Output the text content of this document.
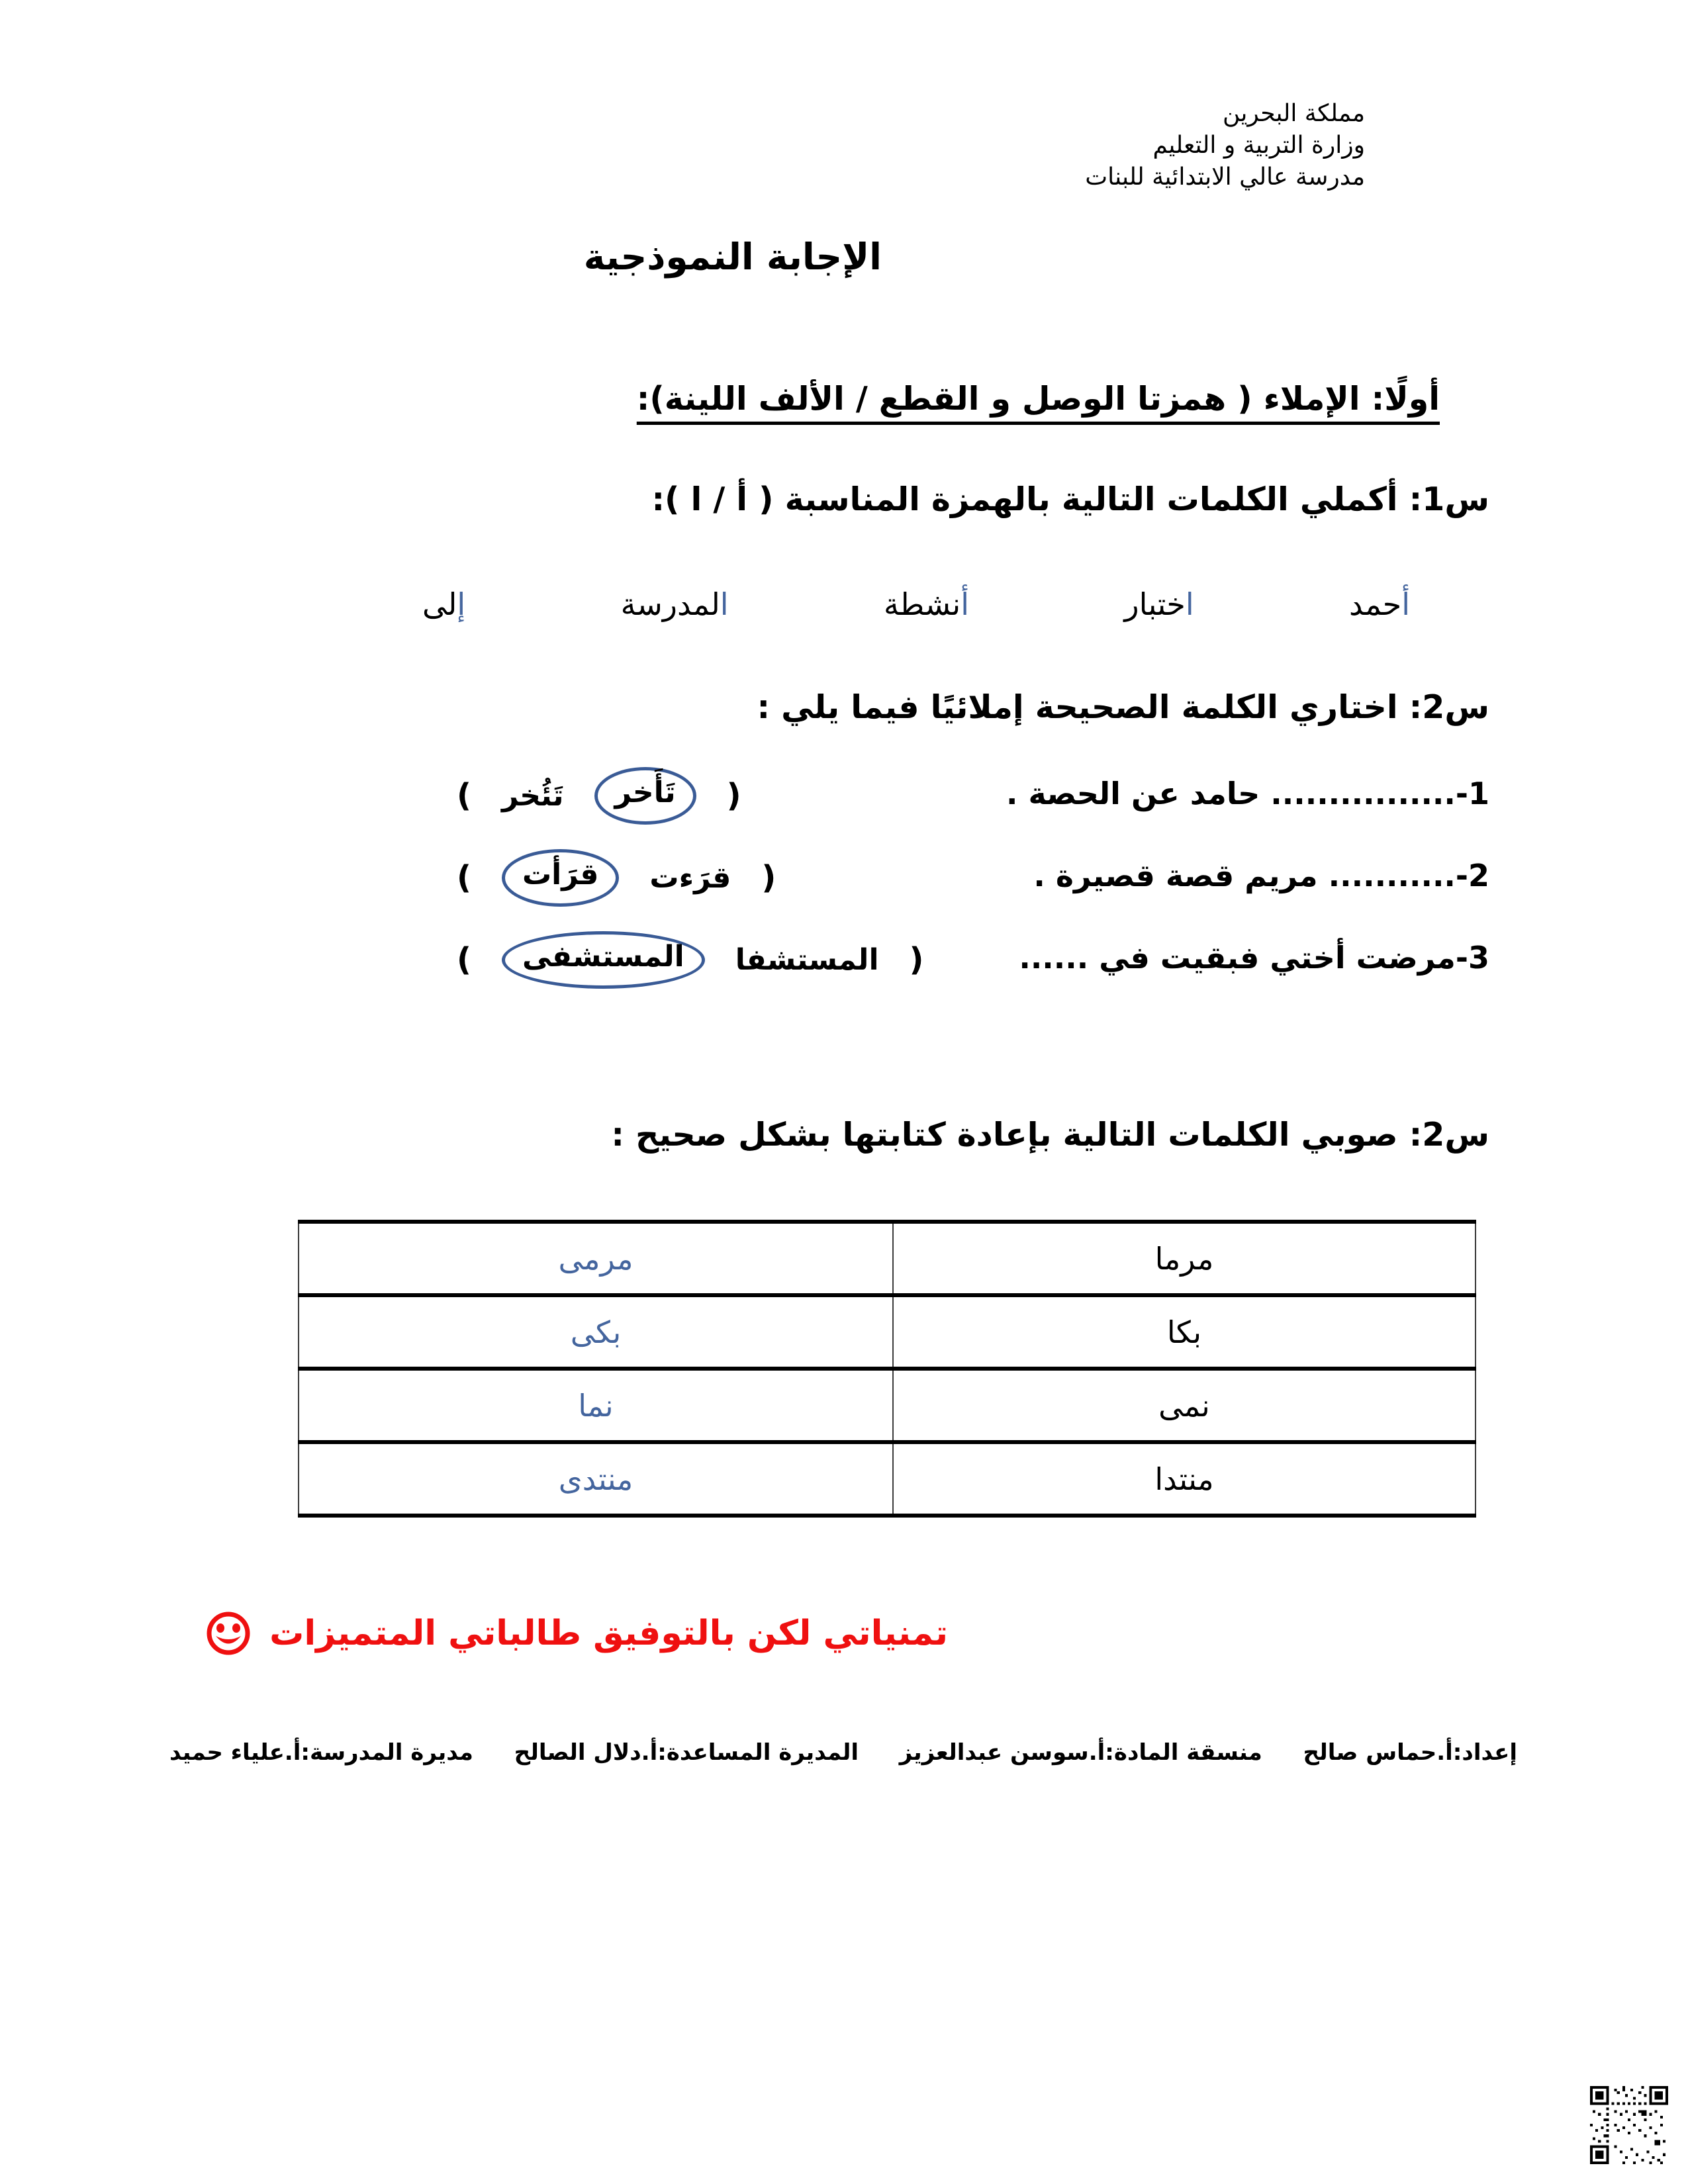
مملكة البحرين
وزارة التربية و التعليم
مدرسة عالي الابتدائية للبنات
الإجابة النموذجية
أولًا: الإملاء ( همزتا الوصل و القطع / الألف اللينة):
س1: أكملي الكلمات التالية بالهمزة المناسبة ( أ / ا ):
أحمد
اختبار
أنشطة
المدرسة
إلى
س2: اختاري الكلمة الصحيحة إملائيًا فيما يلي :
1-................ حامد عن الحصة .
(
تَأَخر
تَئُخر
)
2-........... مريم قصة قصيرة .
(
قرَءت
قرَأت
)
3-مرضت أختي فبقيت في ......
(
المستشفا
المستشفى
)
س2: صوبي الكلمات التالية بإعادة كتابتها بشكل صحيح :
مرما	مرمى
بكا	بكى
نمى	نما
منتدا	منتدى
تمنياتي لكن بالتوفيق طالباتي المتميزات
إعداد:أ.حماس صالح
منسقة المادة:أ.سوسن عبدالعزيز
المديرة المساعدة:أ.دلال الصالح
مديرة المدرسة:أ.علياء حميد
